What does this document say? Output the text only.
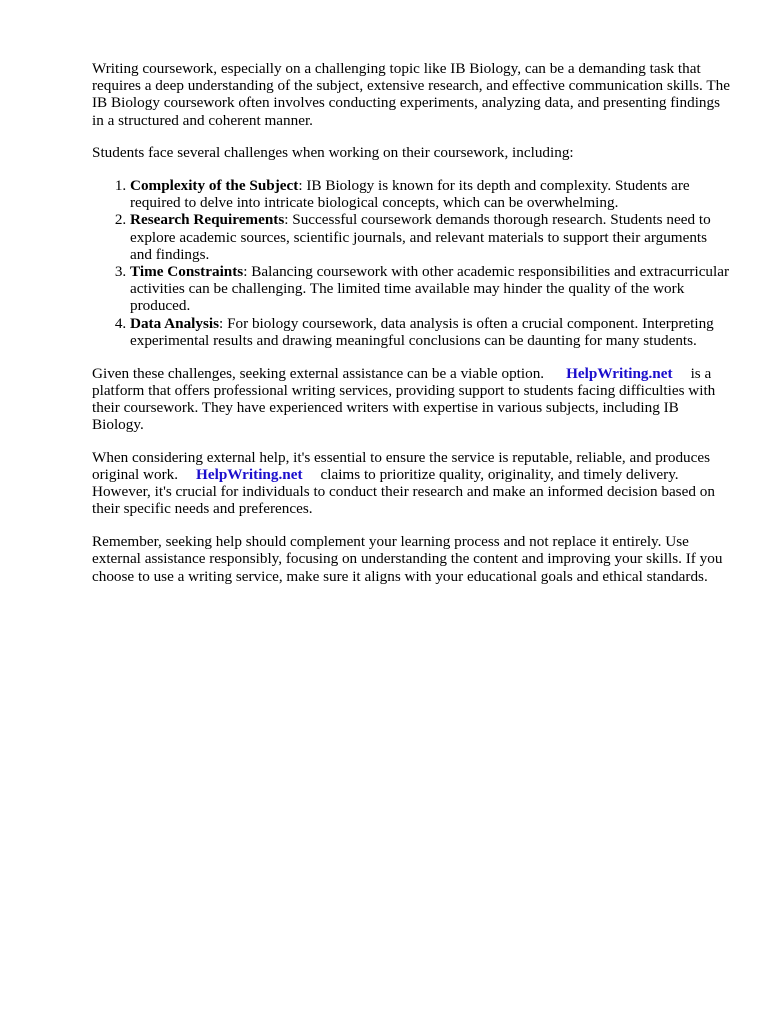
Writing coursework, especially on a challenging topic like IB Biology, can be a demanding task that requires a deep understanding of the subject, extensive research, and effective communication skills. The IB Biology coursework often involves conducting experiments, analyzing data, and presenting findings in a structured and coherent manner.

Students face several challenges when working on their coursework, including:

1. Complexity of the Subject: IB Biology is known for its depth and complexity. Students are required to delve into intricate biological concepts, which can be overwhelming.
2. Research Requirements: Successful coursework demands thorough research. Students need to explore academic sources, scientific journals, and relevant materials to support their arguments and findings.
3. Time Constraints: Balancing coursework with other academic responsibilities and extracurricular activities can be challenging. The limited time available may hinder the quality of the work produced.
4. Data Analysis: For biology coursework, data analysis is often a crucial component. Interpreting experimental results and drawing meaningful conclusions can be daunting for many students.

Given these challenges, seeking external assistance can be a viable option. HelpWriting.net is a platform that offers professional writing services, providing support to students facing difficulties with their coursework. They have experienced writers with expertise in various subjects, including IB Biology.

When considering external help, it's essential to ensure the service is reputable, reliable, and produces original work. HelpWriting.net claims to prioritize quality, originality, and timely delivery. However, it's crucial for individuals to conduct their research and make an informed decision based on their specific needs and preferences.

Remember, seeking help should complement your learning process and not replace it entirely. Use external assistance responsibly, focusing on understanding the content and improving your skills. If you choose to use a writing service, make sure it aligns with your educational goals and ethical standards.
